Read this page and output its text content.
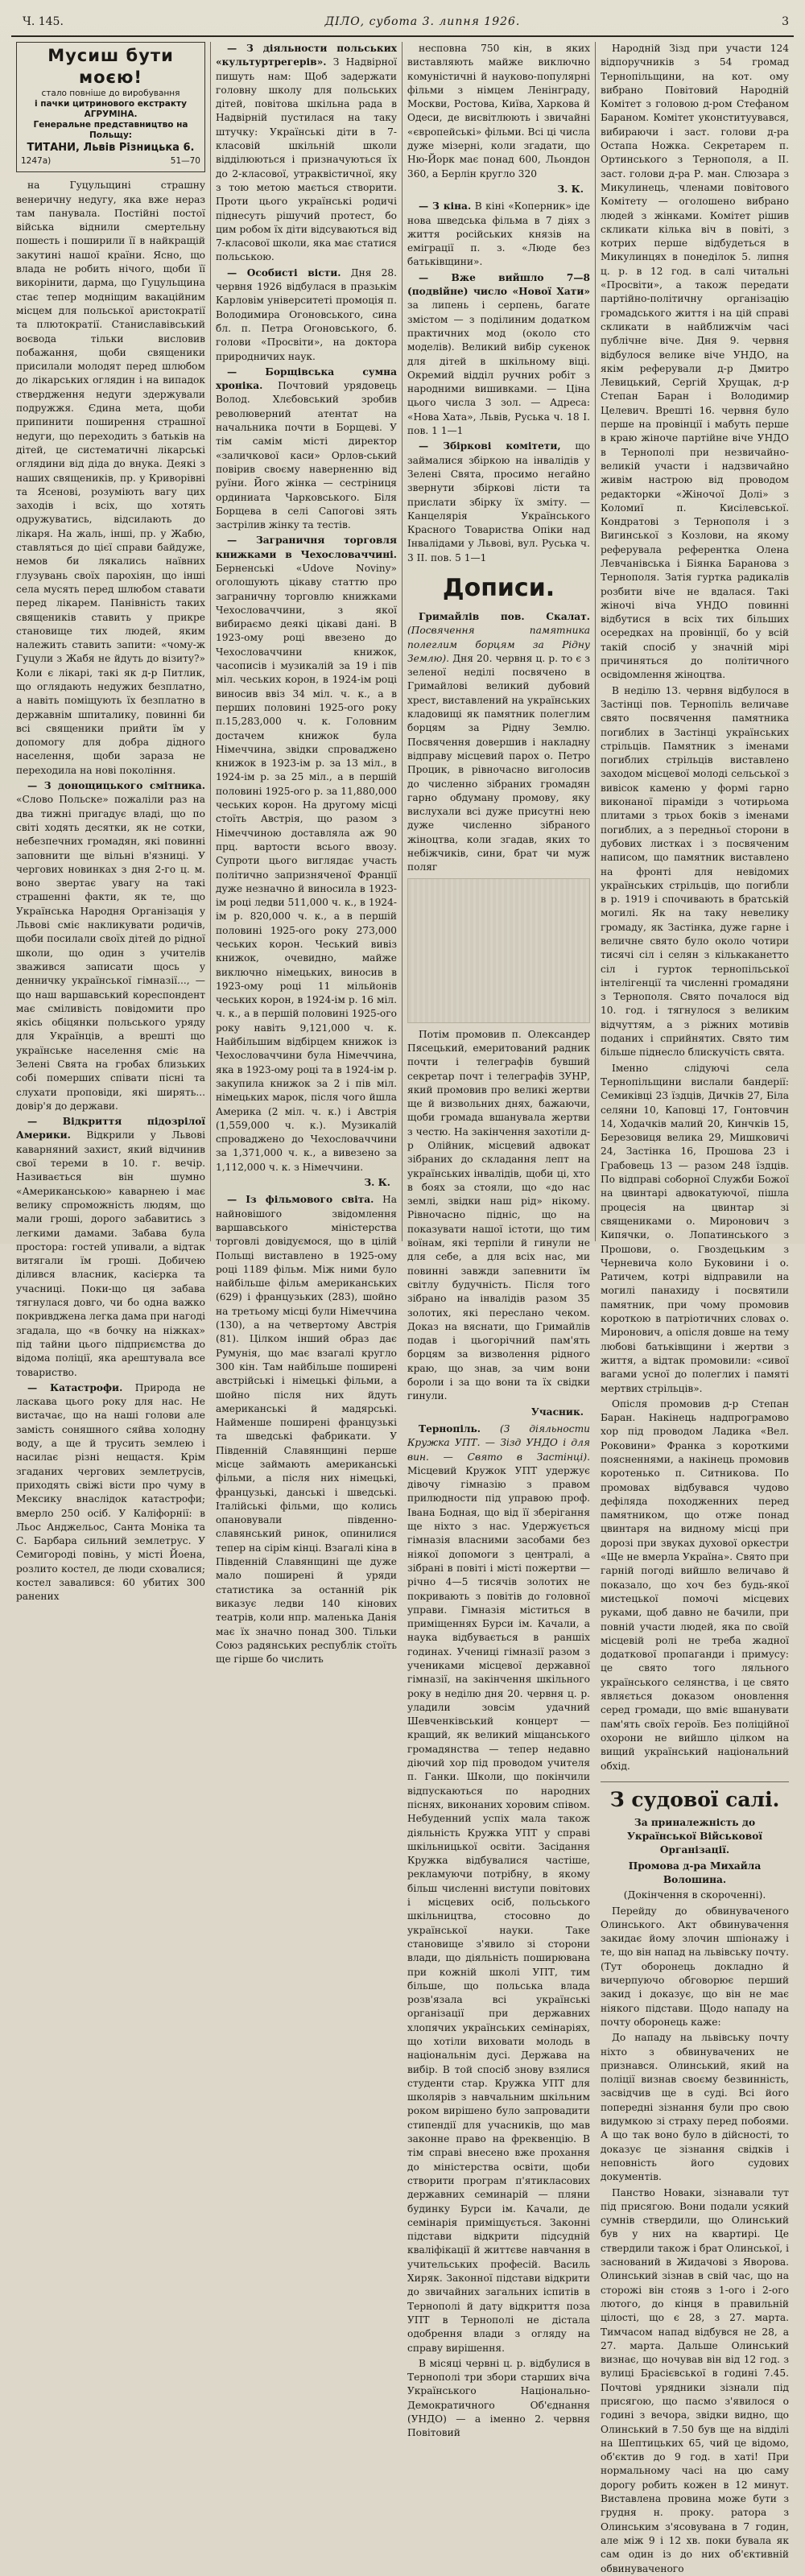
Ч. 145.	ДІЛО, субота 3. липня 1926.	3
Мусиш бути моєю!
стало повніше до виробування
і пачки цитринового екстракту АГРУМІНА.
Генеральне представництво на Польщу:
ТИТАНИ, Львів Різницька 6.
1247а)	51—70

на Гуцульщині страшну венеричну недугу, яка вже нераз там панувала. Постійні постої війська віднили смертельну пошесть і поширили її в найкращій закутині нашої країни. Ясно, що влада не робить нічого, щоби її викорінити, дарма, що Гуцульщина стає тепер модніщим вакаційним місцем для польської аристократії та плютократії. Станиславівський воєвода тільки висловив побажання, щоби священики присилали молодят перед шлюбом до лікарських оглядин і на випадок ствердження недуги здержували подружжя. Єдина мета, щоби припинити поширення страшної недуги, що переходить з батьків на дітей, це систематичні лікарські оглядини від діда до внука. Деякі з наших священиків, пр. у Криворівні та Ясенові, розуміють вагу цих заходів і всіх, що хотять одружуватись, відсилають до лікаря. На жаль, інші, пр. у Жабю, ставляться до цієї справи байдуже, немов би лякались наївних глузувань своїх парохіян, що інші села мусять перед шлюбом ставати перед лікарем. Панівність таких священиків ставить у прикре становище тих людей, яким належить ставить запити: «чому-ж Гуцули з Жабя не йдуть до візиту?» Коли є лікарі, такі як д-р Питлик, що оглядають недужих безплатно, а навіть поміщують їх безплатно в державнім шпиталику, повинні би всі священики прийти їм у допомогу для добра дідного населення, щоби зараза не переходила на нові покоління.

— З донощицького смітника. «Слово Польске» пожаліли раз на два тижні пригадує владі, що по світі ходять десятки, як не сотки, небезпечних громадян, які повинні заповнити ще вільні в'язниці. У чергових новинках з дня 2-го ц. м. воно звертає увагу на такі страшенні факти, як те, що Українська Народня Організація у Львові сміє накликувати родичів, щоби посилали своїх дітей до рідної школи, що один з учителів зважився записати щось у денничку української гімназії..., — що наш варшавський кореспондент має сміливість повідомити про якісь обіцянки польського уряду для Українців, а врешті що українське населення сміє на Зелені Свята на гробах близьких собі померших співати пісні та слухати проповіди, які ширять... довір'я до держави.

— Відкриття підозрілої Америки. Відкрили у Львові каварняний захист, який відчинив свої тереми в 10. г. вечір. Називається він шумно «Американською» каварнею і має велику спроможність людям, що мали гроші, дорого забавитись з легкими дамами. Забава була простора: гостей упивали, а відтак витягали їм гроші. Добичею ділився власник, касієрка та учасниці. Поки-що ця забава тягнулася довго, чи бо одна важко покривджена легка дама при нагоді згадала, що «в бочку на ніжках» під тайни цього підприємства до відома поліції, яка арештувала все товариство.

— Катастрофи. Природа не ласкава цього року для нас. Не вистачає, що на наші голови але замість соняшного сяйва холодну воду, а ще й трусить землею і насилає різні нещастя. Крім згаданих чергових землетрусів, приходять свіжі вісти про чуму в Мексику внаслідок катастрофи; вмерло 250 осіб. У Каліфорнії: в Льос Анджельос, Санта Моніка та С. Барбара сильний землетрус. У Семигороді повінь, у місті Йоена, розлито костел, де люди сховалися; костел завалився: 60 убитих 300 ранених

— З діяльности польських «культуртрегерів». З Надвірної пишуть нам: Щоб задержати головну школу для польських дітей, повітова шкільна рада в Надвірній пустилася на таку штучку: Українські діти в 7-класовій шкільній школи відділюються і призначуються їх до 2-класової, утраквістичної, яку з тою метою мається створити. Проти цього українські родичі піднесуть рішучий протест, бо цим робом їх діти відсуваються від 7-класової школи, яка має статися польською.

— Особисті вісти. Дня 28. червня 1926 відбулася в празькім Карловім університеті промоція п. Володимира Огоновського, сина бл. п. Петра Огоновського, б. голови «Просвіти», на доктора природничих наук.

— Борщівська сумна хроніка. Почтовий урядовець Волод. Хлєбовський зробив революверний атентат на начальника почти в Борщеві. У тім самім місті директор «заличкової каси» Орлов-ський повірив своєму наверненню від руїни. Його жінка — сестріниця ординиата Чарковського. Біля Борщева в селі Сапогові зять застрілив жінку та тестів.

— Заграничня торговля книжками в Чехословаччині. Берненські «Udove Noviny» оголошують цікаву статтю про заграничну торговлю книжками Чехословаччини, з якої вибираємо деякі цікаві дані. В 1923-ому році ввезено до Чехословаччини книжок, часописів і музикалій за 19 і пів міл. чеських корон, в 1924-ім році виносив ввіз 34 міл. ч. к., а в перших половині 1925-ого року п.15,283,000 ч. к. Головним достачем книжок була Німеччина, звідки спроваджено книжок в 1923-ім р. за 13 міл., в 1924-ім р. за 25 міл., а в першій половині 1925-ого р. за 11,880,000 чеських корон. На другому місці стоїть Австрія, що разом з Німеччиною доставляла аж 90 прц. вартости всього ввозу. Супроти цього виглядає участь політично запризняченої Франції дуже незначно й виносила в 1923-ім році ледви 511,000 ч. к., в 1924-ім р. 820,000 ч. к., а в першій половині 1925-ого року 273,000 чеських корон. Чеський вивіз книжок, очевидно, майже виключно німецьких, виносив в 1923-ому році 11 мільйонів чеських корон, в 1924-ім р. 16 міл. ч. к., а в першій половині 1925-ого року навіть 9,121,000 ч. к. Найбільшим відбірцем книжок із Чехословаччини була Німеччина, яка в 1923-ому році та в 1924-ім р. закупила книжок за 2 і пів міл. німецьких марок, після чого йшла Америка (2 міл. ч. к.) і Австрія (1,559,000 ч. к.). Музикалій спроваджено до Чехословаччини за 1,371,000 ч. к., а вивезено за 1,112,000 ч. к. з Німеччини.

З. К.

— Із фільмового світа. На найновішого звідомлення варшавського міністерства торговлі довідуємося, що в цілій Польщі виставлено в 1925-ому році 1189 фільм. Між ними було найбільше фільм американських (629) і французьких (283), шойно на третьому місці були Німеччина (130), а на четвертому Австрія (81). Цілком інший образ дає Румунія, що має взагалі кругло 300 кін. Там найбільше поширені австрійські і німецькі фільми, а шойно після них йдуть американські й мадярські. Найменше поширені французькі та шведські фабрикати. У Південній Славянщині перше місце займають американські фільми, а після них німецькі, французькі, данські і шведські. Італійські фільми, що колись опановували південно-славянський ринок, опинилися тепер на сірім кінці. Взагалі кіна в Південній Славянщині ще дуже мало поширені й уряди статистика за останній рік виказує ледви 140 кінових театрів, коли нпр. маленька Данія має їх значно понад 300. Тільки Союз радянських республік стоїть ще гірше бо числить

несповна 750 кін, в яких виставляють майже виключно комуністичні й науково-популярні фільми з німцем Ленінграду, Москви, Ростова, Київа, Харкова й Одеси, де висвітлюють і звичайні «європейські» фільми. Всі ці числа дуже мізерні, коли згадати, що Ню-Йорк має понад 600, Льондон 360, а Берлін кругло 320

З. К.

— З кіна. В кіні «Коперник» іде нова шведська фільма в 7 діях з життя російських князів на еміграції п. з. «Люде без батьківщини».

— Вже вийшло 7—8 (подвійне) число «Нової Хати» за липень і серпень, багате змістом — з поділиним додатком практичних мод (около сто моделів). Великий вибір сукенок для дітей в шкільному віці. Окремий відділ ручних робіт з народними вишивками. — Ціна цього числа 3 зол. — Адреса: «Нова Хата», Львів, Руська ч. 18 І. пов. 1 1—1

— Збіркові комітети, що займалися збіркою на інвалідів у Зелені Свята, просимо негайно звернути збіркові лісти та прислати збірку їх зміту. — Канцелярія Українського Красного Товариства Опіки над Інвалідами у Львові, вул. Руська ч. 3 II. пов. 5 1—1

Дописи.

Гримайлів пов. Скалат. (Посвячення памятника полеглим борцям за Рідну Землю). Дня 20. червня ц. р. то є з зеленої неділі посвячено в Гримайлові великий дубовий хрест, виставлений на українських кладовищі як памятник полеглим борцям за Рідну Землю. Посвячення довершив і накладну відправу місцевий парох о. Петро Процик, в рівночасно виголосив до численно зібраних громадян гарно обдуману промову, яку вислухали всі дуже присутні нею дуже численно зібраного жіноцтва, коли згадав, яких то небіжчиків, сини, брат чи муж поляг

Потім промовив п. Олександер Пясецький, емеритований радник почти і телеграфів бувший секретар почт і телеграфів ЗУНР, який промовив про великі жертви ще й визвольних днях, бажаючи, щоби громада вшанувала жертви з честю. На закінчення захотіли д-р Олійник, місцевий адвокат зібраних до складання лепт на українських інвалідів, щоби ці, хто в боях за стояли, що «до нас землі, звідки наш рід» нікому. Рівночасно підніс, що на показувати нашої істоти, що тим воїнам, які терпіли й гинули не для себе, а для всіх нас, ми повинні завжди запевнити їм світлу будучність. Після того зібрано на інвалідів разом 35 золотих, які переслано чеком. Доказ на вяснати, що Гримайлів подав і цьогорічний пам'ять борцям за визволення рідного краю, що знав, за чим вони бороли і за що вони та їх свідки гинули.

Учасник.

Тернопіль. (З діяльности Кружка УПТ. — Зізд УНДО і для вин. — Свято в Застінці). Місцевий Кружок УПТ удержує дівочу гімназію з правом прилюдности під управою проф. Івана Бодная, що від її зберігання ще ніхто з нас. Удержується гімназія власними засобами без ніякої допомоги з централі, а зібрані в повіті і місті пожертви — річно 4—5 тисячів золотих не покривають з повітів до головної управи. Гімназія міститься в приміщеннях Бурси ім. Качали, а наука відбувається в раншіх годинах. Учениці гімназії разом з учениками місцевої державної гімназії, на закінчення шкільного року в неділю дня 20. червня ц. р. уладили зовсім удачний Шевченківський концерт — кращий, як великий міщанського громадянства — тепер недавно діючий хор під проводом учителя п. Ганки. Школи, що покінчили відпускаються по народних піснях, виконаних хоровим співом. Небуденний успіх мала також діяльність Кружка УПТ у справі шкільницької освіти. Засідання Кружка відбувалися частіше, рекламуючи потрібну, в якому більш численні виступи повітових і місцевих осіб, польського шкільництва, стосовно до української науки. Таке становище з'явило зі сторони влади, що діяльність поширювана при кожній школі УПТ, тим більше, що польська влада розв'язала всі українські організації при державних хлопячих українських семінаріях, що хотіли виховати молодь в національнім дусі. Держава на вибір. В той спосіб знову взялися студенти стар. Кружка УПТ для школярів з навчальним шкільним роком вирішено було запровадити стипендії для учасників, що мав законне право на фреквенцію. В тім справі внесено вже прохання до міністерства освіти, щоби створити програм п'ятикласових державних семинарій — пляни будинку Бурси ім. Качали, де семінарія приміщується. Законні підстави відкрити підсудній кваліфікації й життєве навчання в учительських професій. Василь Хиряк. Законної підстави відкрити до звичайних загальних іспитів в Тернополі й дату відкриття поза УПТ в Тернополі не дістала одобрення влади з огляду на справу вирішення.

В місяці червні ц. р. відбулися в Тернополі три збори старших віча Українського Національно-Демократичного Об'єднання (УНДО) — а іменно 2. червня Повітовий

Народній Зізд при участи 124 відпоручників з 54 громад Тернопільщини, на кот. ому вибрано Повітовий Народній Комітет з головою д-ром Стефаном Бараном. Комітет уконституувався, вибираючи і заст. голови д-ра Остапа Ножка. Секретарем п. Ортинського з Тернополя, а II. заст. голови д-ра Р. ман. Слюзара з Микулинець, членами повітового Комітету — оголошено вибрано людей з жінками. Комітет рішив скликати кілька віч в повіті, з котрих перше відбудеться в Микулинцях в понеділок 5. липня ц. р. в 12 год. в салі читальні «Просвіти», а також передати партійно-політичну організацію громадського життя і на цій справі скликати в найближчім часі публічне віче. Дня 9. червня відбулося велике віче УНДО, на якім реферували д-р Дмитро Левицький, Сергій Хрущак, д-р Степан Баран і Володимир Целевич. Врешті 16. червня було перше на провінції і мабуть перше в краю жіноче партійне віче УНДО в Тернополі при незвичайно-великій участи і надзвичайно живім настрою від проводом редакторки «Жіночої Долі» з Коломиї п. Кисілевської. Кондратові з Тернополя і з Вигинської з Козлови, на якому реферувала референтка Олена Левчанівська і Біянка Баранова з Тернополя. Затія гуртка радикалів розбити віче не вдалася. Такі жіночі віча УНДО повинні відбутися в всіх тих більших осередках на провінції, бо у всій такій спосіб у значній мірі причиняться до політичного освідомлення жіноцтва.

В неділю 13. червня відбулося в Застінці пов. Тернопіль величаве свято посвячення памятника погиблих в Застінці українських стрільців. Памятник з іменами погиблих стрільців виставлено заходом місцевої молоді сельської з вивісок каменю у формі гарно виконаної піраміди з чотирьома плитами з трьох боків з іменами погиблих, а з передньої сторони в дубових листках і з посвяченим написом, що памятник виставлено на фронті для невідомих українських стрільців, що погибли в р. 1919 і спочивають в братській могилі. Як на таку невелику громаду, як Застінка, дуже гарне і величне свято було около чотири тисячі сіл і селян з кількаканетто сіл і гурток тернопільської інтелігенції та численні громадяни з Тернополя. Свято почалося від 10. год. і тягнулося з великим відчуттям, а з ріжних мотивів поданих і сприйнятих. Свято тим більше піднесло блискучість свята.

Іменно слідуючі села Тернопільщини вислали бандерії: Семиківці 23 їздців, Дичків 27, Біла селяни 10, Каповці 17, Гонтовчин 14, Ходачків малий 20, Кинчків 15, Березовиця велика 29, Мишковичі 24, Застінка 16, Прошова 23 і Грабовець 13 — разом 248 їздців. По відправі соборної Служби Божої на цвинтарі адвокатуючої, пішла процесія на цвинтар зі священиками о. Миронович з Кипячки, о. Лопатинського з Прошови, о. Гвоздецьким з Черневича коло Буковини і о. Ратичем, котрі відправили на могилі панахиду і посвятили памятник, при чому промовив короткою в патріотичних словах о. Миронович, а опісля довше на тему любові батьківщини і жертви з життя, а відтак промовили: «сивої вагами усної до полеглих і памяті мертвих стрільців».

Опісля промовив д-р Степан Баран. Накінець надпрограмово хор під проводом Ладика «Вел. Роковини» Франка з короткими поясненнями, а накінець промовив коротенько п. Ситникова. По промовах відбувався чудово дефіляда походженних перед памятником, що отже понад цвинтаря на видному місці при дорозі при звуках духової оркестри «Ще не вмерла Україна». Свято при гарній погоді вийшло величаво й показало, що хоч без будь-якої мистецької помочі місцевих руками, щоб давно не бачили, при повній участи людей, яка по своїй місцевій ролі не треба жадної додаткової пропаганди і примусу: це свято того ляльного українського селянства, і це свято являється доказом оновлення серед громади, що вміє вшанувати пам'ять своїх героїв. Без поліційної охорони не вийшло цілком на вищий український національний обхід.

З судової салі.

За приналежність до Української Військової Організації.

Промова д-ра Михайла Волошина.

(Докінчення в скороченні).

Перейду до обвинуваченого Олинського. Акт обвинувачення закидає йому злочин шпіонажу і те, що він напад на львівську почту. (Тут оборонець докладно й вичерпуючо обговорює перший закид і доказує, що він не має ніякого підстави. Щодо нападу на почту оборонець каже:

До нападу на львівську почту ніхто з обвинувачених не признався. Олинський, який на поліції визнав своєму безвинність, засвідчив ще в суді. Всі його попередні зізнання були про свою видумкою зі страху перед побоями. А що так воно було в дійсності, то доказує це зізнання свідків і неповність його судових документів.

Панство Новаки, зізнавали тут під присягою. Вони подали усякий сумнів ствердили, що Олинський був у них на квартирі. Це ствердили також і брат Олинської, і заснований в Жидачові з Яворова. Олинський зізнав в свій час, що на сторожі він стояв з 1-ого і 2-ого лютого, до кінця в правильній цілості, що є 28, з 27. марта. Тимчасом напад відбувся не 28, а 27. марта. Дальше Олинський визнає, що ночував він від 12 год. з вулиці Брасієвської в годині 7.45. Почтові урядники зізнали під присягою, що пасмо з'явилося о годині з вечора, звідки видно, що Олинський в 7.50 був ще на відділі на Шептицьких 65, чий це відомо, об'єктив до 9 год. в хаті! При нормальному часі на цю саму дорогу робить кожен в 12 минут. Виставлена провина може бути з грудня н. проку. ратора з Олинським з'ясовувана в 7 годин, але між 9 і 12 хв. поки бувала як сам один із до них об'єктивній обвинуваченого
